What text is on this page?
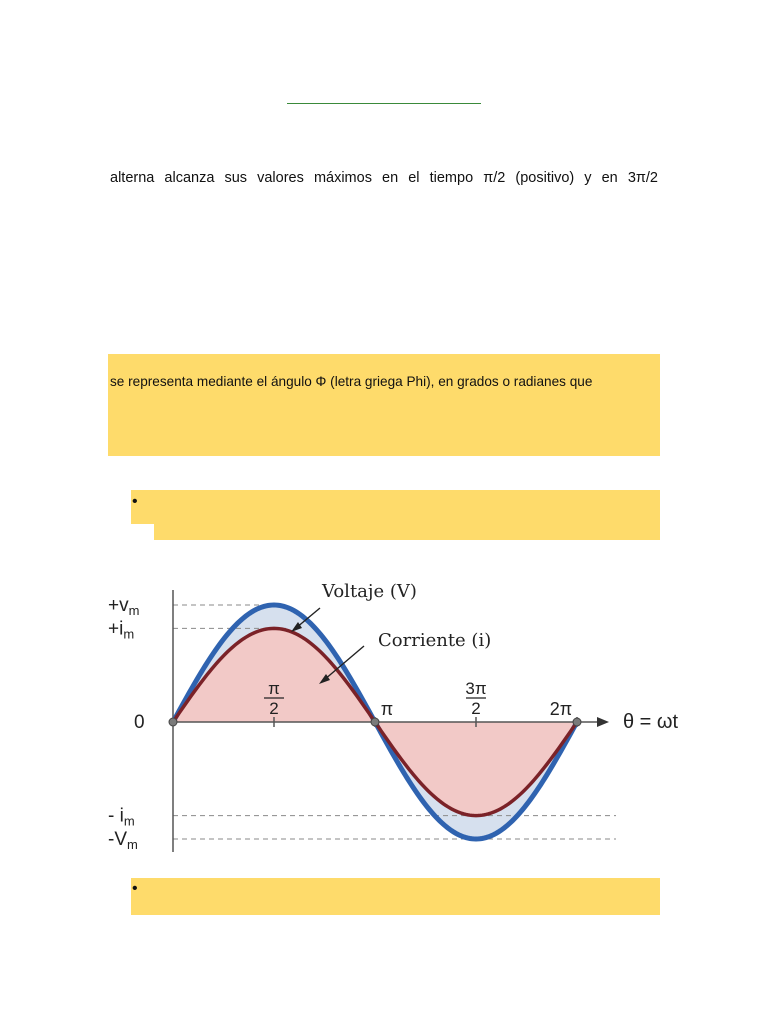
alterna alcanza sus valores máximos en el tiempo π/2 (positivo) y en 3π/2
se representa mediante el ángulo Φ (letra griega Phi), en grados o radianes que
•
π
2	π
3π
2	2π
θ = ωt
$+v_m$
$+i_m$
0
- $i_m$
$-V_m$
Voltaje (V)
Corriente (i)
•
